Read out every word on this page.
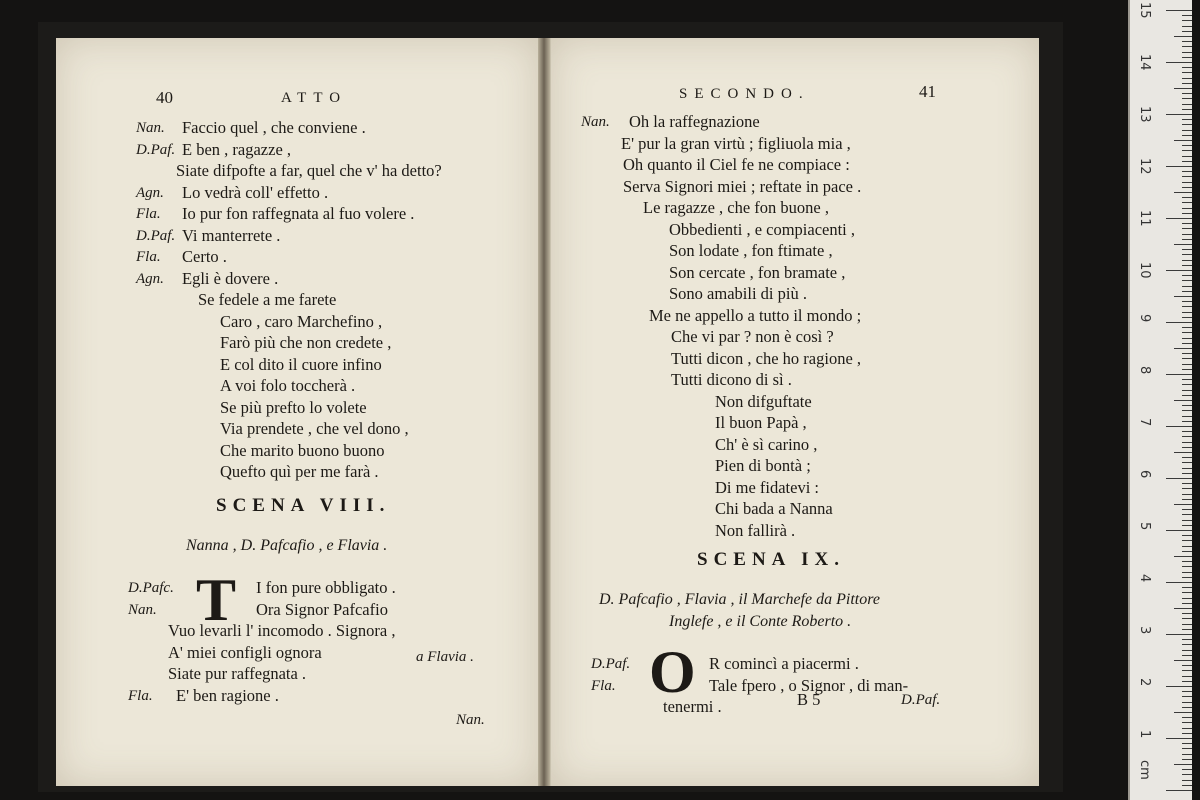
40	ATTO
Nan. Faccio quel , che conviene .
D.Paf. E ben , ragazze ,
Siate difpofte a far, quel che v' ha detto?
Agn. Lo vedrà coll' effetto .
Fla. Io pur fon raffegnata al fuo volere .
D.Paf. Vi manterrete .
Fla. Certo .
Agn. Egli è dovere .
Se fedele a me farete
Caro , caro Marchefino ,
Farò più che non credete ,
E col dito il cuore infino
A voi folo toccherà .
Se più prefto lo volete
Via prendete , che vel dono ,
Che marito buono buono
Quefto quì per me farà .
SCENA VIII.
Nanna , D. Pafcafio , e Flavia .
T
D.Pafc.	I fon pure obbligato .
Nan.	Ora Signor Pafcafio
Vuo levarli l' incomodo . Signora ,
A' miei configli ognora
Siate pur raffegnata .
Fla. E' ben ragione .
a Flavia .
Nan.
SECONDO.	41
Nan. Oh la raffegnazione
E' pur la gran virtù ; figliuola mia ,
Oh quanto il Ciel fe ne compiace :
Serva Signori miei ; reftate in pace .
Le ragazze , che fon buone ,
Obbedienti , e compiacenti ,
Son lodate , fon ftimate ,
Son cercate , fon bramate ,
Sono amabili di più .
Me ne appello a tutto il mondo ;
Che vi par ? non è così ?
Tutti dicon , che ho ragione ,
Tutti dicono di sì .
Non difguftate
Il buon Papà ,
Ch' è sì carino ,
Pien di bontà ;
Di me fidatevi :
Chi bada a Nanna
Non fallirà .
SCENA IX.
D. Pafcafio , Flavia , il Marchefe da Pittore
Inglefe , e il Conte Roberto .
O
D.Paf.	R comincì a piacermi .
Fla.	Tale fpero , o Signor , di man-
tenermi .	B 5	D.Paf.
cm
1
2
3
4
5
6
7
8
9
10
11
12
13
14
15
